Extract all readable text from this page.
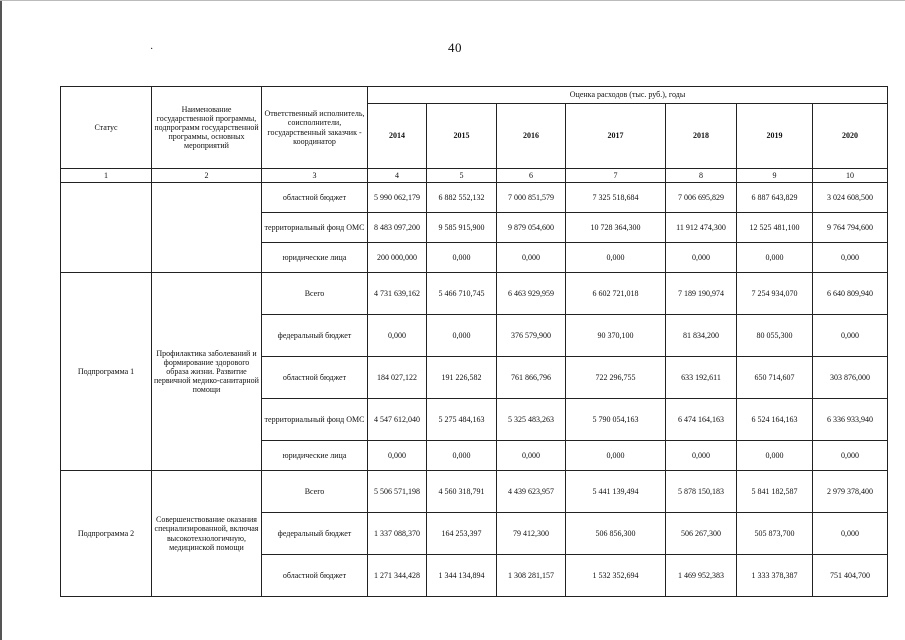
·	40
Статус	Наименование государственной программы, подпрограмм государственной программы, основных мероприятий	Ответственный исполнитель, соисполнители, государственный заказчик - координатор	Оценка расходов (тыс. руб.), годы						
			2014	2015	2016	2017	2018	2019	2020
1	2	3	4	5	6	7	8	9	10
		областной бюджет	5 990 062,179	6 882 552,132	7 000 851,579	7 325 518,684	7 006 695,829	6 887 643,829	3 024 608,500
		территориальный фонд ОМС	8 483 097,200	9 585 915,900	9 879 054,600	10 728 364,300	11 912 474,300	12 525 481,100	9 764 794,600
		юридические лица	200 000,000	0,000	0,000	0,000	0,000	0,000	0,000
Подпрограмма 1	Профилактика заболеваний и формирование здорового образа жизни. Развитие первичной медико-санитарной помощи	Всего	4 731 639,162	5 466 710,745	6 463 929,959	6 602 721,018	7 189 190,974	7 254 934,070	6 640 809,940
		федеральный бюджет	0,000	0,000	376 579,900	90 370,100	81 834,200	80 055,300	0,000
		областной бюджет	184 027,122	191 226,582	761 866,796	722 296,755	633 192,611	650 714,607	303 876,000
		территориальный фонд ОМС	4 547 612,040	5 275 484,163	5 325 483,263	5 790 054,163	6 474 164,163	6 524 164,163	6 336 933,940
		юридические лица	0,000	0,000	0,000	0,000	0,000	0,000	0,000
Подпрограмма 2	Совершенствование оказания специализированной, включая высокотехнологичную, медицинской помощи	Всего	5 506 571,198	4 560 318,791	4 439 623,957	5 441 139,494	5 878 150,183	5 841 182,587	2 979 378,400
		федеральный бюджет	1 337 088,370	164 253,397	79 412,300	506 856,300	506 267,300	505 873,700	0,000
		областной бюджет	1 271 344,428	1 344 134,894	1 308 281,157	1 532 352,694	1 469 952,383	1 333 378,387	751 404,700
